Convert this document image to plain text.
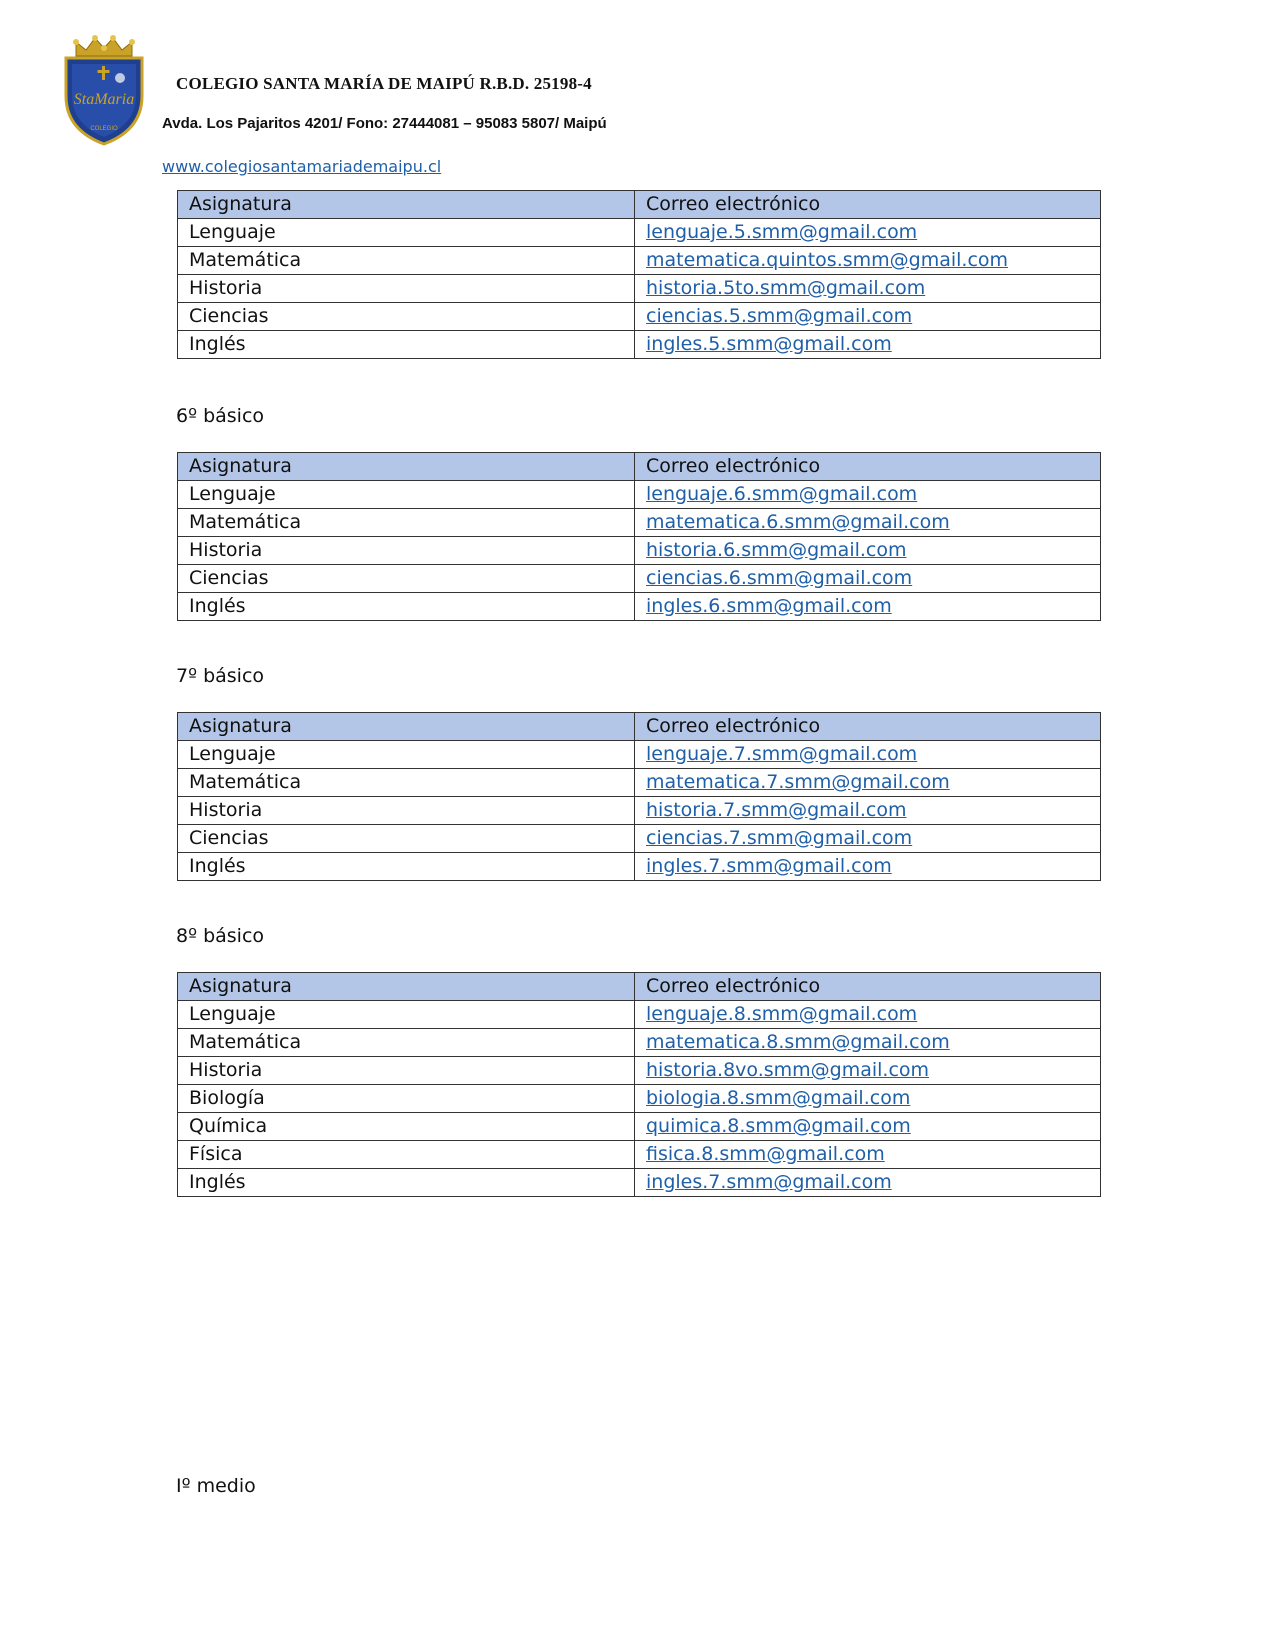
StaMaria
COLEGIO
COLEGIO SANTA MARÍA DE MAIPÚ R.B.D. 25198-4
Avda. Los Pajaritos 4201/ Fono: 27444081 – 95083 5807/ Maipú
www.colegiosantamariademaipu.cl
Asignatura	Correo electrónico
Lenguaje	lenguaje.5.smm@gmail.com
Matemática	matematica.quintos.smm@gmail.com
Historia	historia.5to.smm@gmail.com
Ciencias	ciencias.5.smm@gmail.com
Inglés	ingles.5.smm@gmail.com
6º básico
Asignatura	Correo electrónico
Lenguaje	lenguaje.6.smm@gmail.com
Matemática	matematica.6.smm@gmail.com
Historia	historia.6.smm@gmail.com
Ciencias	ciencias.6.smm@gmail.com
Inglés	ingles.6.smm@gmail.com
7º básico
Asignatura	Correo electrónico
Lenguaje	lenguaje.7.smm@gmail.com
Matemática	matematica.7.smm@gmail.com
Historia	historia.7.smm@gmail.com
Ciencias	ciencias.7.smm@gmail.com
Inglés	ingles.7.smm@gmail.com
8º básico
Asignatura	Correo electrónico
Lenguaje	lenguaje.8.smm@gmail.com
Matemática	matematica.8.smm@gmail.com
Historia	historia.8vo.smm@gmail.com
Biología	biologia.8.smm@gmail.com
Química	quimica.8.smm@gmail.com
Física	fisica.8.smm@gmail.com
Inglés	ingles.7.smm@gmail.com
Iº medio
